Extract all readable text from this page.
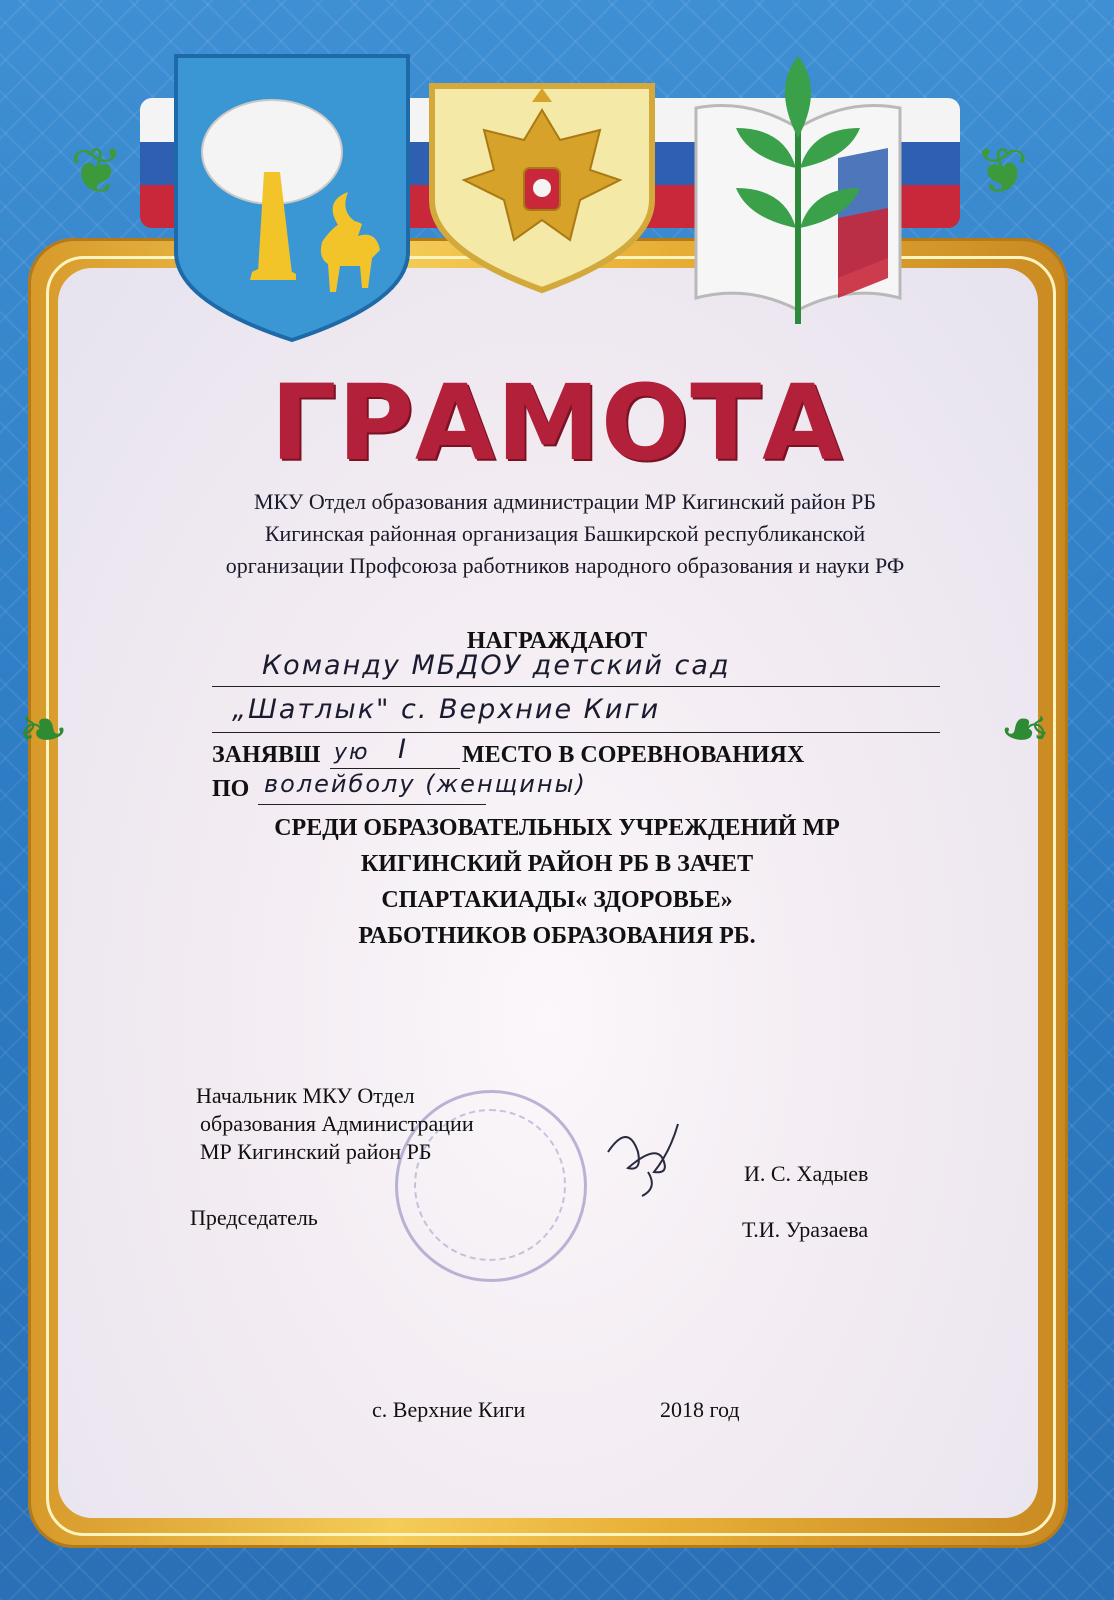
❦	❦
❧	❧
ГРАМОТА
МКУ Отдел образования администрации МР Кигинский район РБ
Кигинская районная организация Башкирской республиканской
организации Профсоюза работников народного образования и науки РФ
НАГРАЖДАЮТ
Команду МБДОУ детский сад
„Шатлык" с. Верхние Киги
ЗАНЯВШ ую I МЕСТО В СОРЕВНОВАНИЯХ
ПО волейболу (женщины)
СРЕДИ ОБРАЗОВАТЕЛЬНЫХ УЧРЕЖДЕНИЙ МР
КИГИНСКИЙ РАЙОН РБ В ЗАЧЕТ
СПАРТАКИАДЫ« ЗДОРОВЬЕ»
РАБОТНИКОВ ОБРАЗОВАНИЯ РБ.
Начальник МКУ Отдел
образования Администрации
МР Кигинский район РБ
И. С. Хадыев
Председатель	Т.И. Уразаева
с. Верхние Киги	2018 год
